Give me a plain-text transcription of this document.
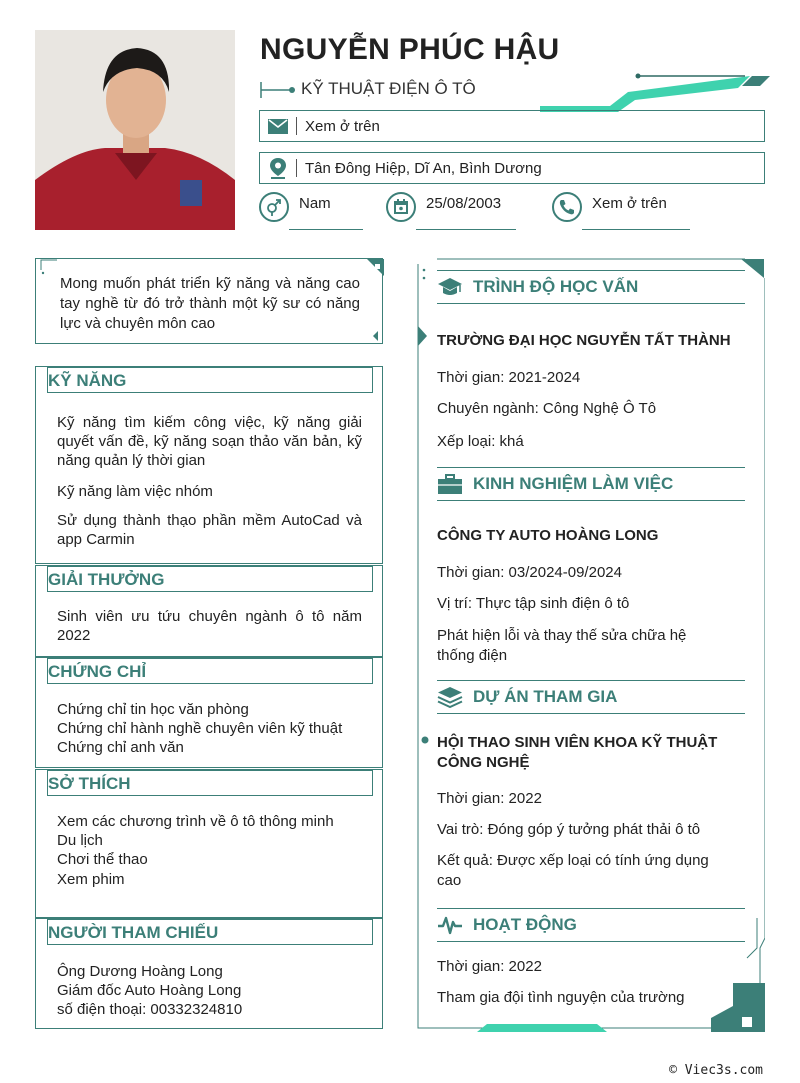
NGUYỄN PHÚC HẬU
KỸ THUẬT ĐIỆN Ô TÔ
Xem ở trên
Tân Đông Hiệp, Dĩ An, Bình Dương
Nam	25/08/2003	Xem ở trên
Mong muốn phát triển kỹ năng và năng cao tay nghề từ đó trở thành một kỹ sư có năng lực và chuyên môn cao
KỸ NĂNG
Kỹ năng tìm kiếm công việc, kỹ năng giải quyết vấn đề, kỹ năng soạn thảo văn bản, kỹ năng quản lý thời gian
Kỹ năng làm việc nhóm
Sử dụng thành thạo phần mềm AutoCad và app Carmin
GIẢI THƯỞNG
Sinh viên ưu tứu chuyên ngành ô tô năm 2022
CHỨNG CHỈ
Chứng chỉ tin học văn phòng
Chứng chỉ hành nghề chuyên viên kỹ thuật
Chứng chỉ anh văn
SỞ THÍCH
Xem các chương trình về ô tô thông minh
Du lịch
Chơi thể thao
Xem phim
NGƯỜI THAM CHIẾU
Ông Dương Hoàng Long
Giám đốc Auto Hoàng Long
số điện thoại: 00332324810
TRÌNH ĐỘ HỌC VẤN
TRƯỜNG ĐẠI HỌC NGUYỄN TẤT THÀNH
Thời gian: 2021-2024
Chuyên ngành: Công Nghệ Ô Tô
Xếp loại: khá
KINH NGHIỆM LÀM VIỆC
CÔNG TY AUTO HOÀNG LONG
Thời gian: 03/2024-09/2024
Vị trí: Thực tập sinh điện ô tô
Phát hiện lỗi và thay thế sửa chữa hệ thống điện
DỰ ÁN THAM GIA
HỘI THAO SINH VIÊN KHOA KỸ THUẬT CÔNG NGHỆ
Thời gian: 2022
Vai trò: Đóng góp ý tưởng phát thải ô tô
Kết quả: Được xếp loại có tính ứng dụng cao
HOẠT ĐỘNG
Thời gian: 2022
Tham gia đội tình nguyện của trường
© Viec3s.com
